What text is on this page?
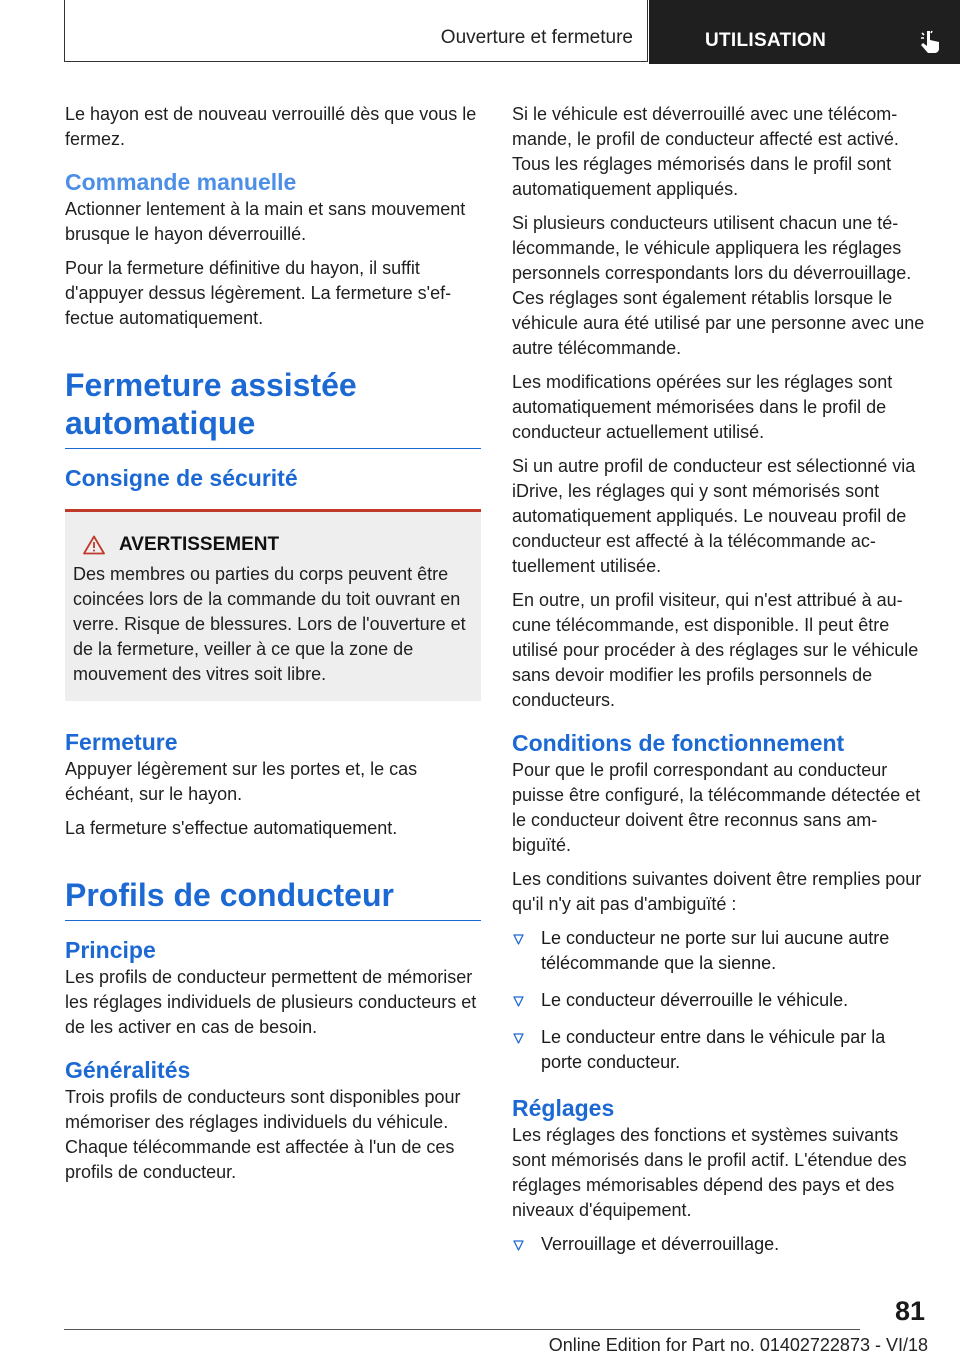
Ouverture et fermeture	UTILISATION

Le hayon est de nouveau verrouillé dès que vous le fermez.

Commande manuelle

Actionner lentement à la main et sans mouvement brusque le hayon déverrouillé.

Pour la fermeture définitive du hayon, il suffit d'appuyer dessus légèrement. La fermeture s'effectue automatiquement.

Fermeture assistée automatique
Consigne de sécurité
AVERTISSEMENT

Des membres ou parties du corps peuvent être coincées lors de la commande du toit ouvrant en verre. Risque de blessures. Lors de l'ouverture et de la fermeture, veiller à ce que la zone de mouvement des vitres soit libre.

Fermeture

Appuyer légèrement sur les portes et, le cas échéant, sur le hayon.

La fermeture s'effectue automatiquement.

Profils de conducteur
Principe

Les profils de conducteur permettent de mémoriser les réglages individuels de plusieurs conducteurs et de les activer en cas de besoin.

Généralités

Trois profils de conducteurs sont disponibles pour mémoriser des réglages individuels du véhicule. Chaque télécommande est affectée à l'un de ces profils de conducteur.

Si le véhicule est déverrouillé avec une télécommande, le profil de conducteur affecté est activé. Tous les réglages mémorisés dans le profil sont automatiquement appliqués.

Si plusieurs conducteurs utilisent chacun une télécommande, le véhicule appliquera les réglages personnels correspondants lors du déverrouillage. Ces réglages sont également rétablis lorsque le véhicule aura été utilisé par une personne avec une autre télécommande.

Les modifications opérées sur les réglages sont automatiquement mémorisées dans le profil de conducteur actuellement utilisé.

Si un autre profil de conducteur est sélectionné via iDrive, les réglages qui y sont mémorisés sont automatiquement appliqués. Le nouveau profil de conducteur est affecté à la télécommande actuellement utilisée.

En outre, un profil visiteur, qui n'est attribué à aucune télécommande, est disponible. Il peut être utilisé pour procéder à des réglages sur le véhicule sans devoir modifier les profils personnels de conducteurs.

Conditions de fonctionnement

Pour que le profil correspondant au conducteur puisse être configuré, la télécommande détectée et le conducteur doivent être reconnus sans ambiguïté.

Les conditions suivantes doivent être remplies pour qu'il n'y ait pas d'ambiguïté :

Le conducteur ne porte sur lui aucune autre télécommande que la sienne.
Le conducteur déverrouille le véhicule.
Le conducteur entre dans le véhicule par la porte conducteur.
Réglages

Les réglages des fonctions et systèmes suivants sont mémorisés dans le profil actif. L'étendue des réglages mémorisables dépend des pays et des niveaux d'équipement.

Verrouillage et déverrouillage.
81
Online Edition for Part no. 01402722873 - VI/18
